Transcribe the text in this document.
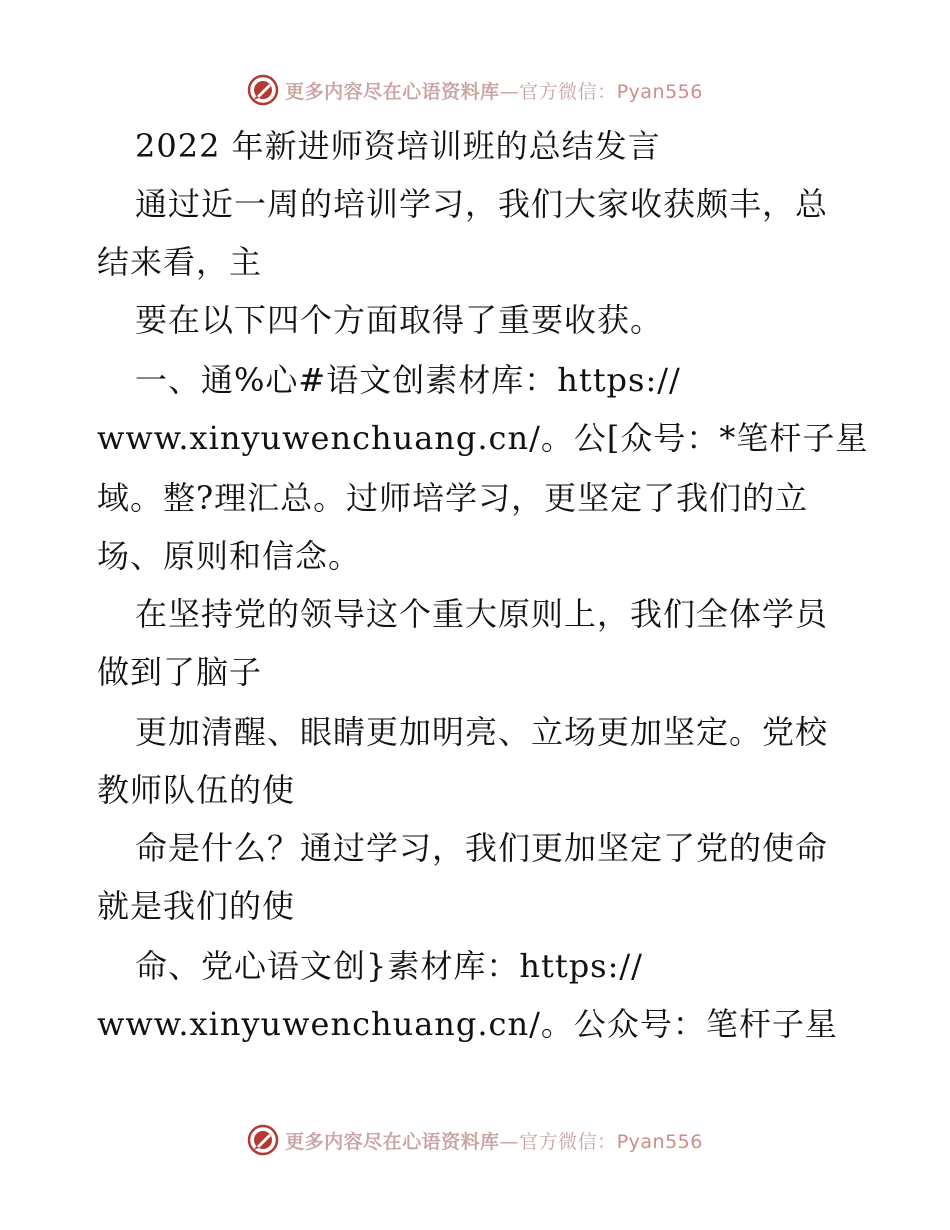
更多内容尽在心语资料库—官方微信：Pyan556
2022 年新进师资培训班的总结发言
通过近一周的培训学习，我们大家收获颇丰，总
结来看，主
要在以下四个方面取得了重要收获。
一、通%心#语文创素材库：https://
www.xinyuwenchuang.cn/。公[众号：*笔杆子星
域。整?理汇总。过师培学习，更坚定了我们的立
场、原则和信念。
在坚持党的领导这个重大原则上，我们全体学员
做到了脑子
更加清醒、眼睛更加明亮、立场更加坚定。党校
教师队伍的使
命是什么？通过学习，我们更加坚定了党的使命
就是我们的使
命、党心语文创}素材库：https://
www.xinyuwenchuang.cn/。公众号：笔杆子星
更多内容尽在心语资料库—官方微信：Pyan556
